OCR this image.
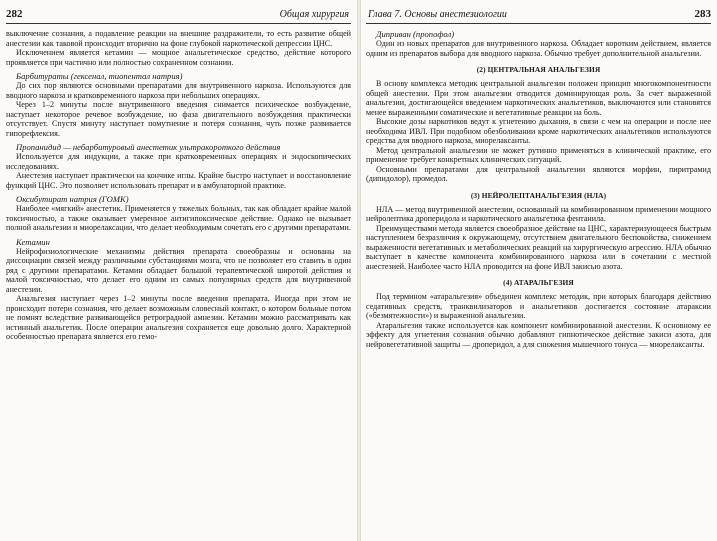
282	Общая хирургия
выключение сознания, а подавление реакции на внешние раздражители, то есть развитие общей анестезии как таковой происходит вторично на фоне глубокой наркотической депрессии ЦНС.
Исключением является кетамин — мощное анальгетическое средство, действие которого проявляется при частично или полностью сохраненном сознании.
Барбитураты (гексенал, тиопентал натрия)
До сих пор являются основными препаратами для внутривенного наркоза. Используются для вводного наркоза и кратковременного наркоза при небольших операциях.
Через 1–2 минуты после внутривенного введения снимается психическое возбуждение, наступает некоторое речевое возбуждение, но фаза двигательного возбуждения практически отсутствует. Спустя минуту наступает помутнение и потеря сознания, чуть позже развивается гипорефлексия.
Пропанидид — небарбитуровый анестетик ультракороткого действия
Используется для индукции, а также при кратковременных операциях и эндоскопических исследованиях.
Анестезия наступает практически на кончике иглы. Крайне быстро наступает и восстановление функций ЦНС. Это позволяет использовать препарат и в амбулаторной практике.
Оксибутират натрия (ГОМК)
Наиболее «мягкий» анестетик. Применяется у тяжелых больных, так как обладает крайне малой токсичностью, а также оказывает умеренное антигипоксическое действие. Однако не вызывает полной анальгезии и миорелаксации, что делает необходимым сочетать его с другими препаратами.
Кетамин
Нейрофизиологические механизмы действия препарата своеобразны и основаны на диссоциации связей между различными субстанциями мозга, что не позволяет его ставить в один ряд с другими препаратами. Кетамин обладает большой терапевтической широтой действия и малой токсичностью, что делает его одним из самых популярных средств для внутривенной анестезии.
Анальгезия наступает через 1–2 минуты после введения препарата. Иногда при этом не происходит потери сознания, что делает возможным словесный контакт, о котором больные потом не помнят вследствие развивающейся ретроградной амнезии. Кетамин можно рассматривать как истинный анальгетик. После операции анальгезия сохраняется еще довольно долго. Характерной особенностью препарата является его гемо-
Глава 7. Основы анестезиологии	283
Диприван (пропофол)
Один из новых препаратов для внутривенного наркоза. Обладает коротким действием, является одним из препаратов выбора для вводного наркоза. Обычно требует дополнительной анальгезии.
(2) ЦЕНТРАЛЬНАЯ АНАЛЬГЕЗИЯ
В основу комплекса методик центральной анальгезии положен принцип многокомпонентности общей анестезии. При этом анальгезии отводится доминирующая роль. За счет выраженной анальгезии, достигающейся введением наркотических анальгетиков, выключаются или становятся менее выраженными соматические и вегетативные реакции на боль.
Высокие дозы наркотиков ведут к угнетению дыхания, в связи с чем на операции и после нее необходима ИВЛ. При подобном обезболивании кроме наркотических анальгетиков используются средства для вводного наркоза, миорелаксанты.
Метод центральной анальгезии не может рутинно применяться в клинической практике, его применение требует конкретных клинических ситуаций.
Основными препаратами для центральной анальгезии являются морфин, пиритрамид (дипидолор), промедол.
(3) НЕЙРОЛЕПТАНАЛЬГЕЗИЯ (НЛА)
НЛА — метод внутривенной анестезии, основанный на комбинированном применении мощного нейролептика дроперидола и наркотического анальгетика фентанила.
Преимуществами метода является своеобразное действие на ЦНС, характеризующееся быстрым наступлением безразличия к окружающему, отсутствием двигательного беспокойства, снижением выраженности вегетативных и метаболических реакций на хирургическую агрессию. НЛА обычно выступает в качестве компонента комбинированного наркоза или в сочетании с местной анестезией. Наиболее часто НЛА проводится на фоне ИВЛ закисью азота.
(4) АТАРАЛЬГЕЗИЯ
Под термином «атаральгезия» объединен комплекс методик, при которых благодаря действию седативных средств, транквилизаторов и анальгетиков достигается состояние атараксии («безмятежности») и выраженной анальгезии.
Атаральгезия также используется как компонент комбинированной анестезии. К основному ее эффекту для угнетения сознания обычно добавляют гипнотическое действие закиси азота, для нейровегетативной защиты — дроперидол, а для снижения мышечного тонуса — миорелаксанты.
